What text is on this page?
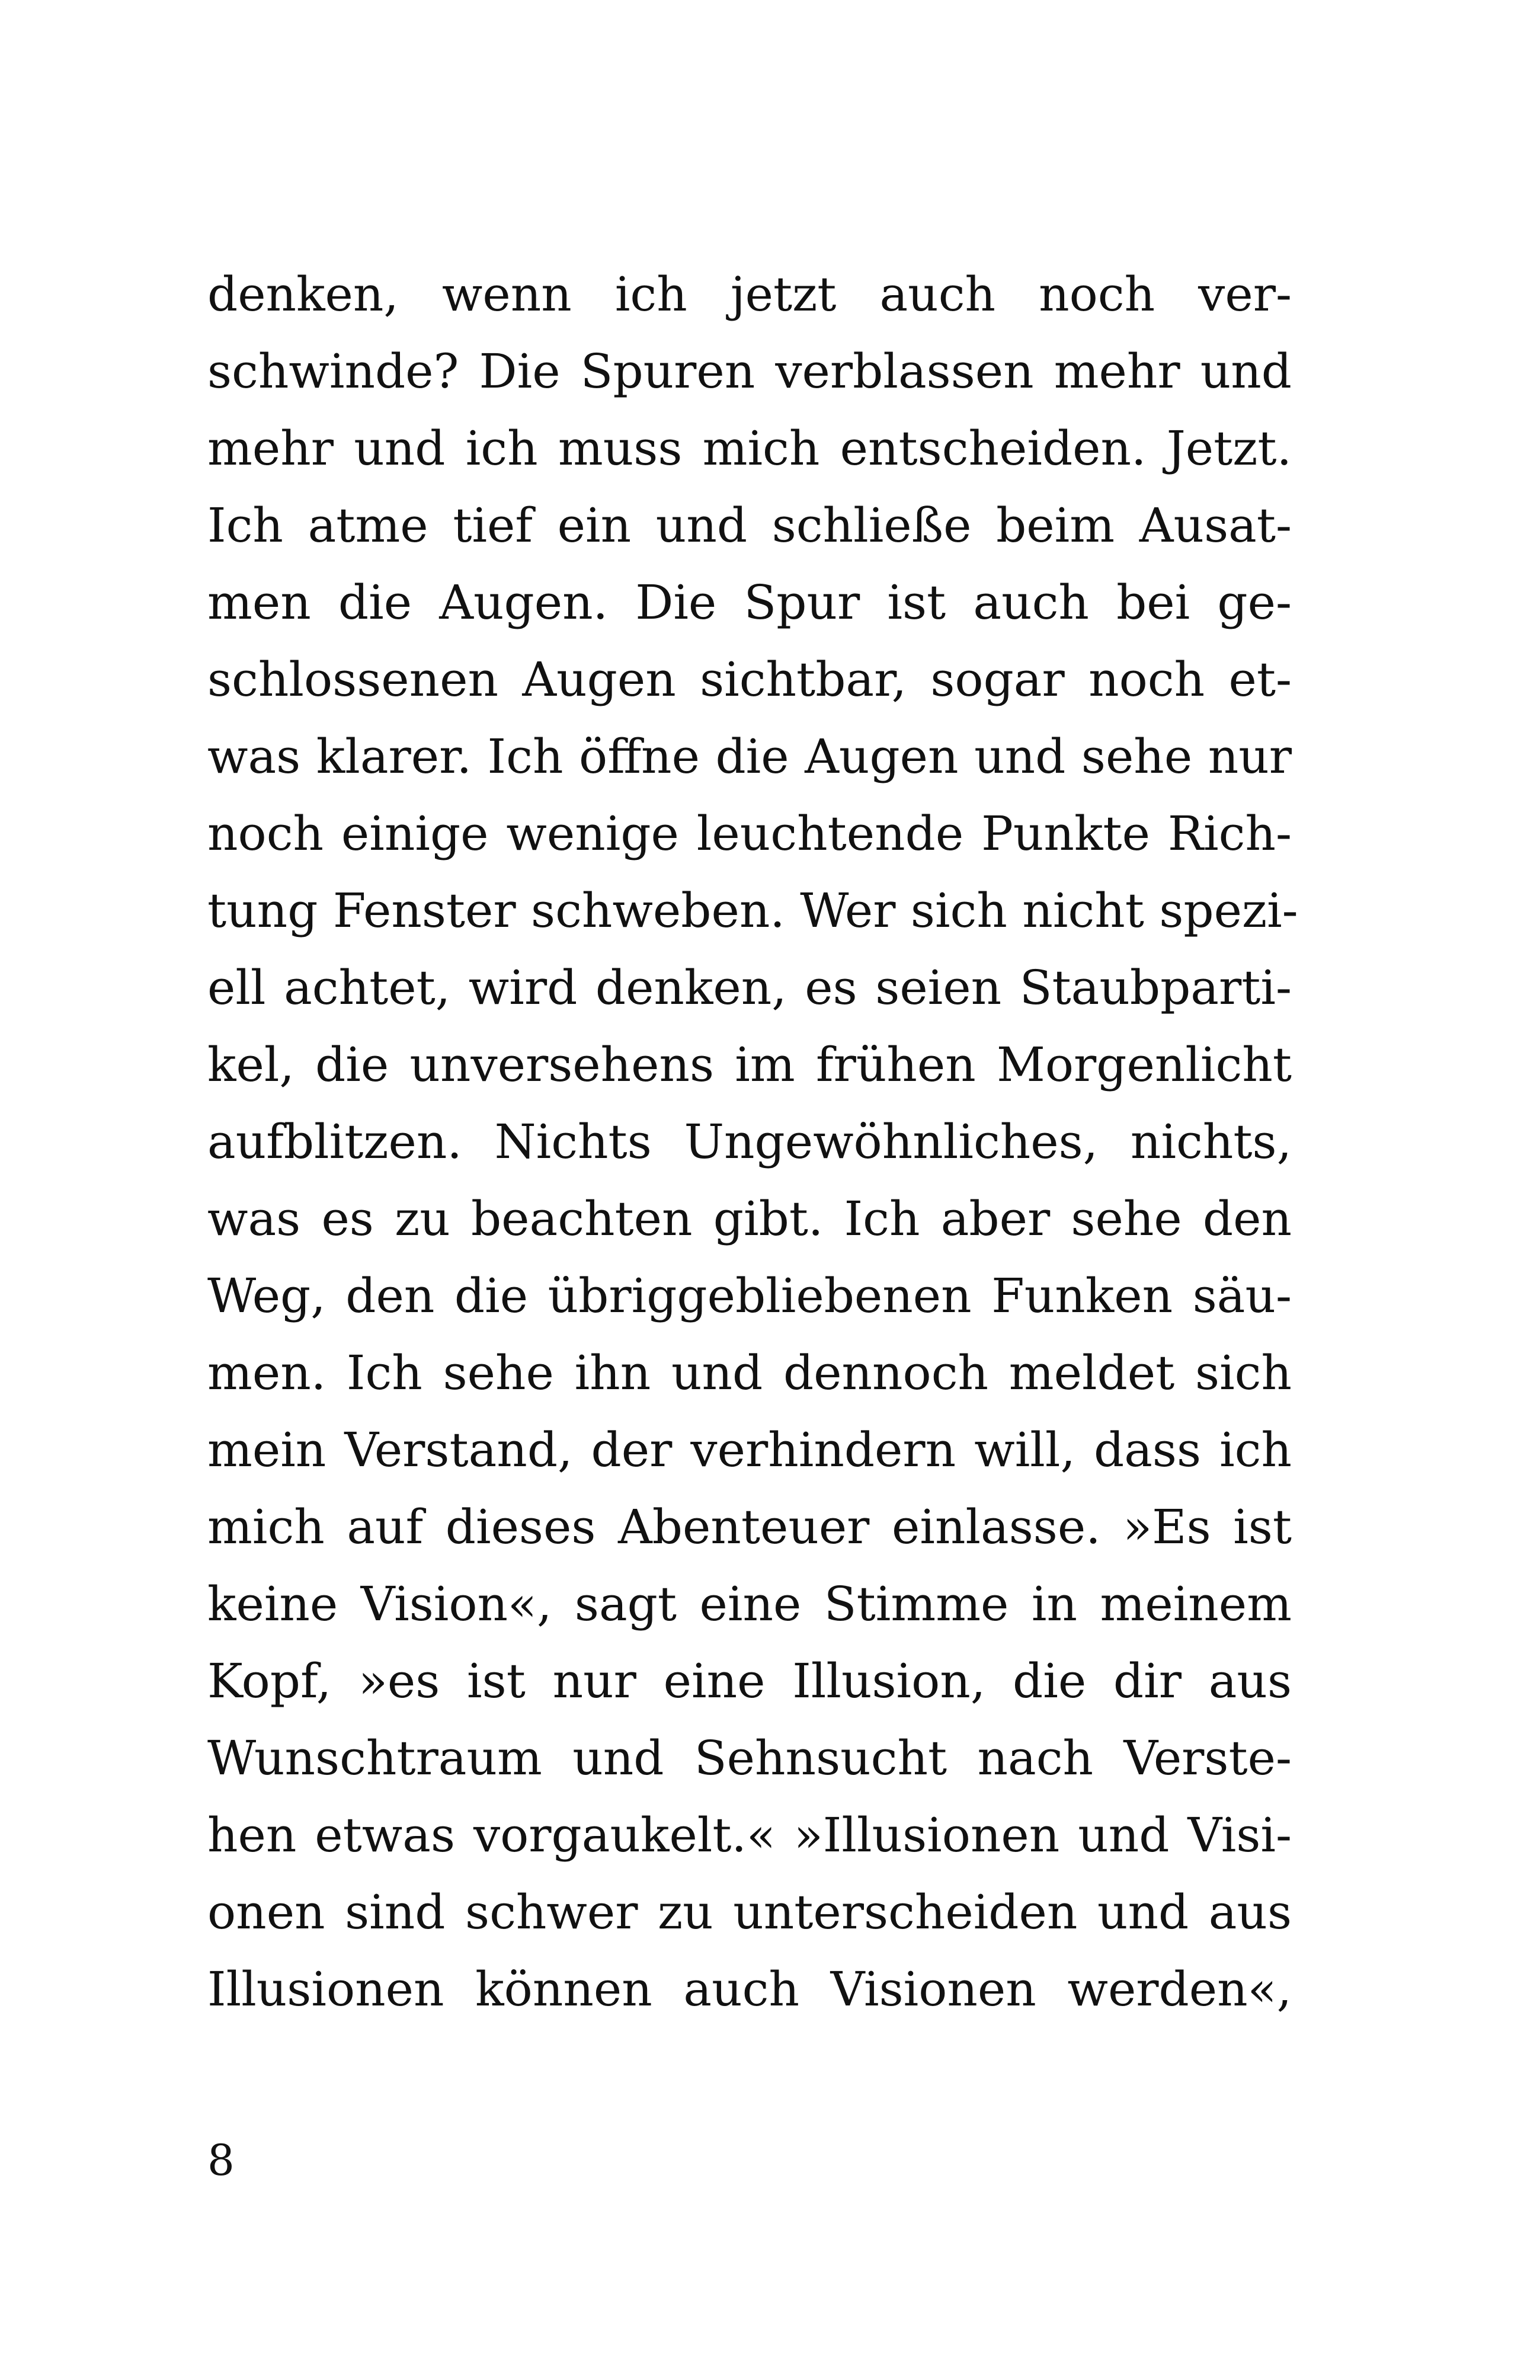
denken, wenn ich jetzt auch noch ver-
schwinde? Die Spuren verblassen mehr und
mehr und ich muss mich entscheiden. Jetzt.
Ich atme tief ein und schließe beim Ausat-
men die Augen. Die Spur ist auch bei ge-
schlossenen Augen sichtbar, sogar noch et-
was klarer. Ich öffne die Augen und sehe nur
noch einige wenige leuchtende Punkte Rich-
tung Fenster schweben. Wer sich nicht spezi-
ell achtet, wird denken, es seien Staubparti-
kel, die unversehens im frühen Morgenlicht
aufblitzen. Nichts Ungewöhnliches, nichts,
was es zu beachten gibt. Ich aber sehe den
Weg, den die übriggebliebenen Funken säu-
men. Ich sehe ihn und dennoch meldet sich
mein Verstand, der verhindern will, dass ich
mich auf dieses Abenteuer einlasse. »Es ist
keine Vision«, sagt eine Stimme in meinem
Kopf, »es ist nur eine Illusion, die dir aus
Wunschtraum und Sehnsucht nach Verste-
hen etwas vorgaukelt.« »Illusionen und Visi-
onen sind schwer zu unterscheiden und aus
Illusionen können auch Visionen werden«,
8
